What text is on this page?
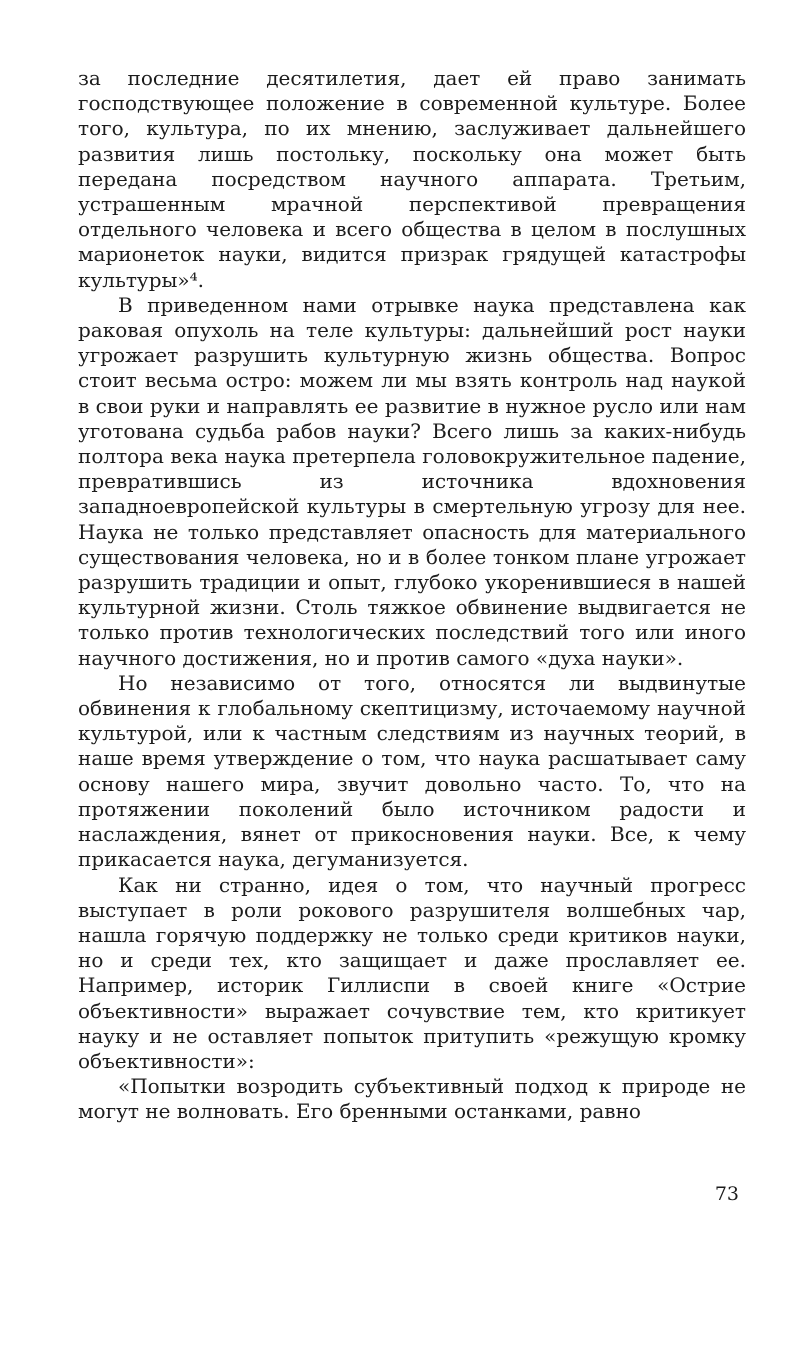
за последние десятилетия, дает ей право занимать господствующее положение в современной культуре. Более того, культура, по их мнению, заслуживает дальнейшего развития лишь постольку, поскольку она может быть передана посредством научного аппарата. Третьим, устрашенным мрачной перспективой превращения отдельного человека и всего общества в целом в послушных марионеток науки, видится призрак грядущей катастрофы культуры»⁴.

В приведенном нами отрывке наука представлена как раковая опухоль на теле культуры: дальнейший рост науки угрожает разрушить культурную жизнь общества. Вопрос стоит весьма остро: можем ли мы взять контроль над наукой в свои руки и направлять ее развитие в нужное русло или нам уготована судьба рабов науки? Всего лишь за каких-нибудь полтора века наука претерпела головокружительное падение, превратившись из источника вдохновения западноевропейской культуры в смертельную угрозу для нее. Наука не только представляет опасность для материального существования человека, но и в более тонком плане угрожает разрушить традиции и опыт, глубоко укоренившиеся в нашей культурной жизни. Столь тяжкое обвинение выдвигается не только против технологических последствий того или иного научного достижения, но и против самого «духа науки».

Но независимо от того, относятся ли выдвинутые обвинения к глобальному скептицизму, источаемому научной культурой, или к частным следствиям из научных теорий, в наше время утверждение о том, что наука расшатывает саму основу нашего мира, звучит довольно часто. То, что на протяжении поколений было источником радости и наслаждения, вянет от прикосновения науки. Все, к чему прикасается наука, дегуманизуется.

Как ни странно, идея о том, что научный прогресс выступает в роли рокового разрушителя волшебных чар, нашла горячую поддержку не только среди критиков науки, но и среди тех, кто защищает и даже прославляет ее. Например, историк Гиллиспи в своей книге «Острие объективности» выражает сочувствие тем, кто критикует науку и не оставляет попыток притупить «режущую кромку объективности»:

«Попытки возродить субъективный подход к природе не могут не волновать. Его бренными останками, равно

73
